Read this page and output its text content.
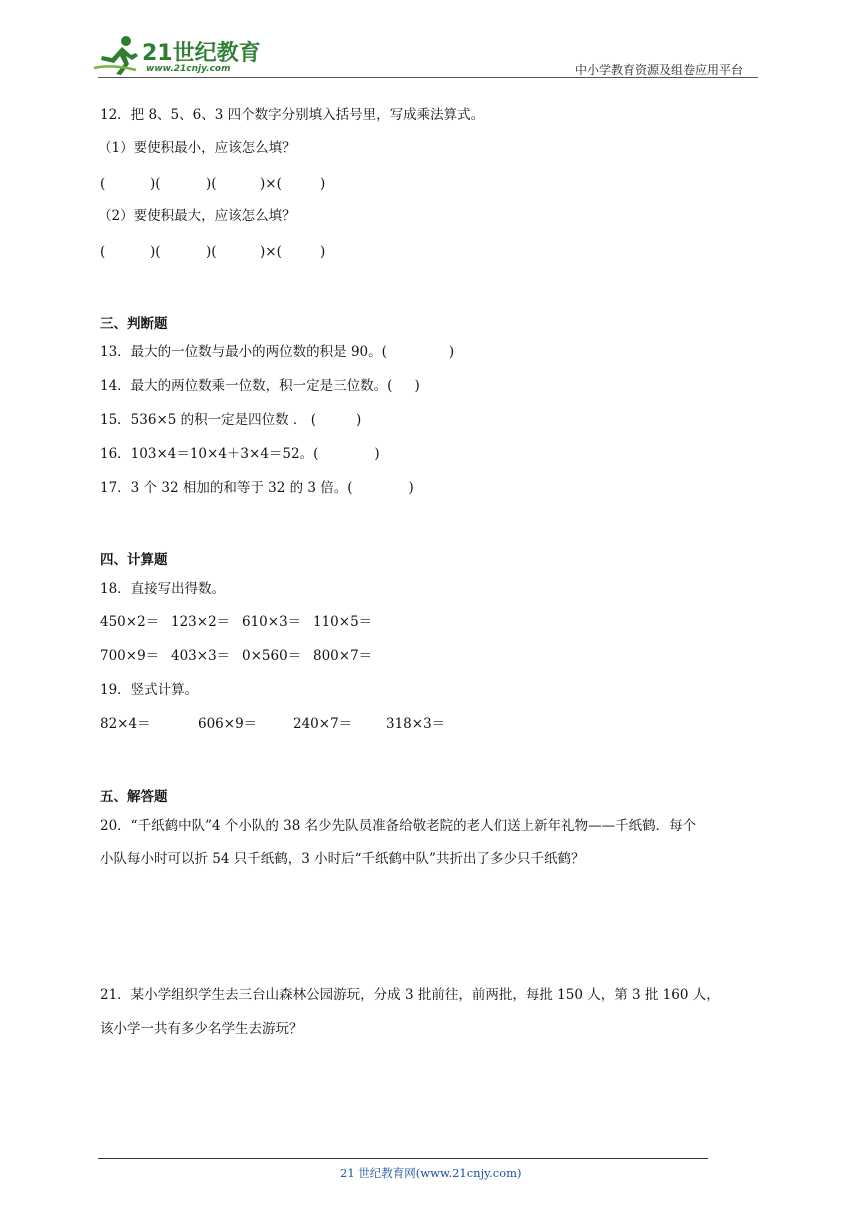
21世纪教育
www.21cnjy.com	中小学教育资源及组卷应用平台
12．把 8、5、6、3 四个数字分别填入括号里，写成乘法算式。
（1）要使积最小，应该怎么填？
(	)(	)(	)×(	)
（2）要使积最大，应该怎么填？
(	)(	)(	)×(	)
三、判断题
13．最大的一位数与最小的两位数的积是 90。(	)
14．最大的两位数乘一位数，积一定是三位数。( )
15．536×5 的积一定是四位数 ． (	)
16．103×4＝10×4＋3×4＝52。(	)
17．3 个 32 相加的和等于 32 的 3 倍。(	)
四、计算题
18．直接写出得数。
450×2＝ 123×2＝ 610×3＝ 110×5＝
700×9＝ 403×3＝ 0×560＝ 800×7＝
19．竖式计算。
82×4＝	606×9＝	240×7＝	318×3＝
五、解答题
20．“千纸鹤中队”4 个小队的 38 名少先队员准备给敬老院的老人们送上新年礼物——千纸鹤．每个
小队每小时可以折 54 只千纸鹤，3 小时后“千纸鹤中队”共折出了多少只千纸鹤？
21．某小学组织学生去三台山森林公园游玩，分成 3 批前往，前两批，每批 150 人，第 3 批 160 人，
该小学一共有多少名学生去游玩？
21 世纪教育网(www.21cnjy.com)
